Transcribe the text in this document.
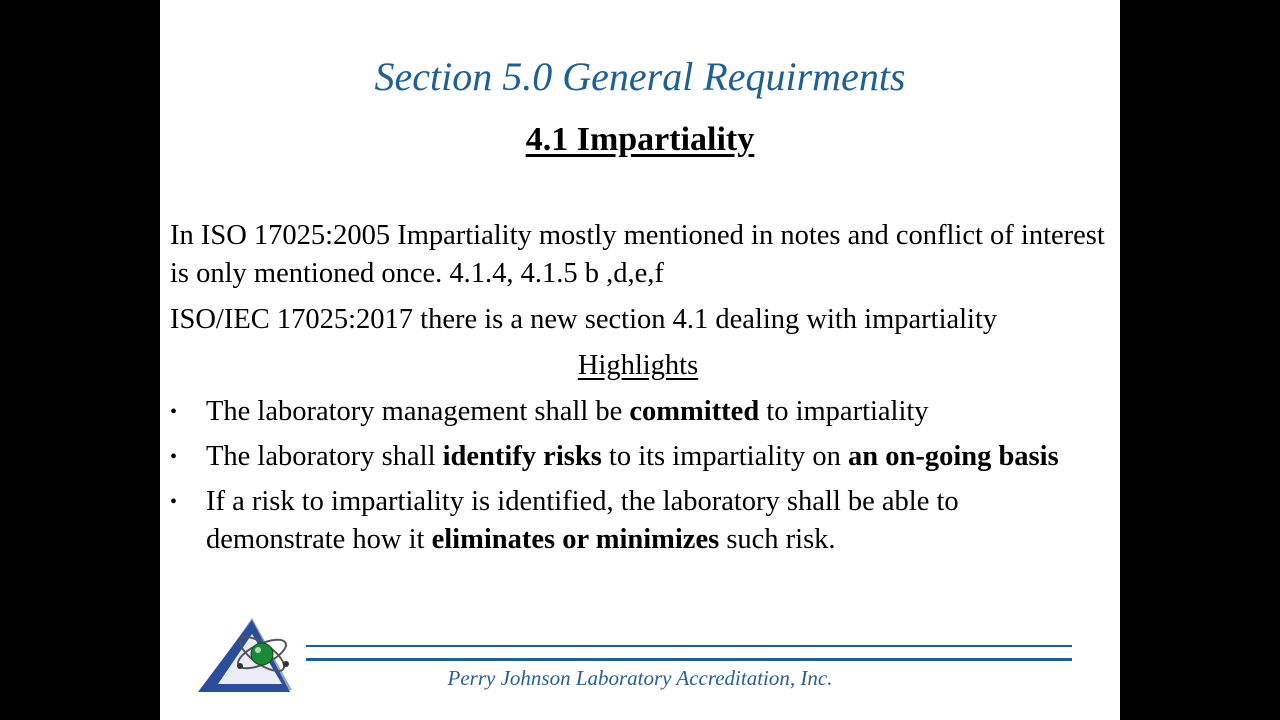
Section 5.0 General Requirments
4.1 Impartiality
In ISO 17025:2005 Impartiality mostly mentioned in notes and conflict of interest is only mentioned once. 4.1.4, 4.1.5 b ,d,e,f
ISO/IEC 17025:2017 there is a new section 4.1 dealing with impartiality
Highlights
• The laboratory management shall be committed to impartiality
• The laboratory shall identify risks to its impartiality on an on-going basis
• If a risk to impartiality is identified, the laboratory shall be able to demonstrate how it eliminates or minimizes such risk.
Perry Johnson Laboratory Accreditation, Inc.
